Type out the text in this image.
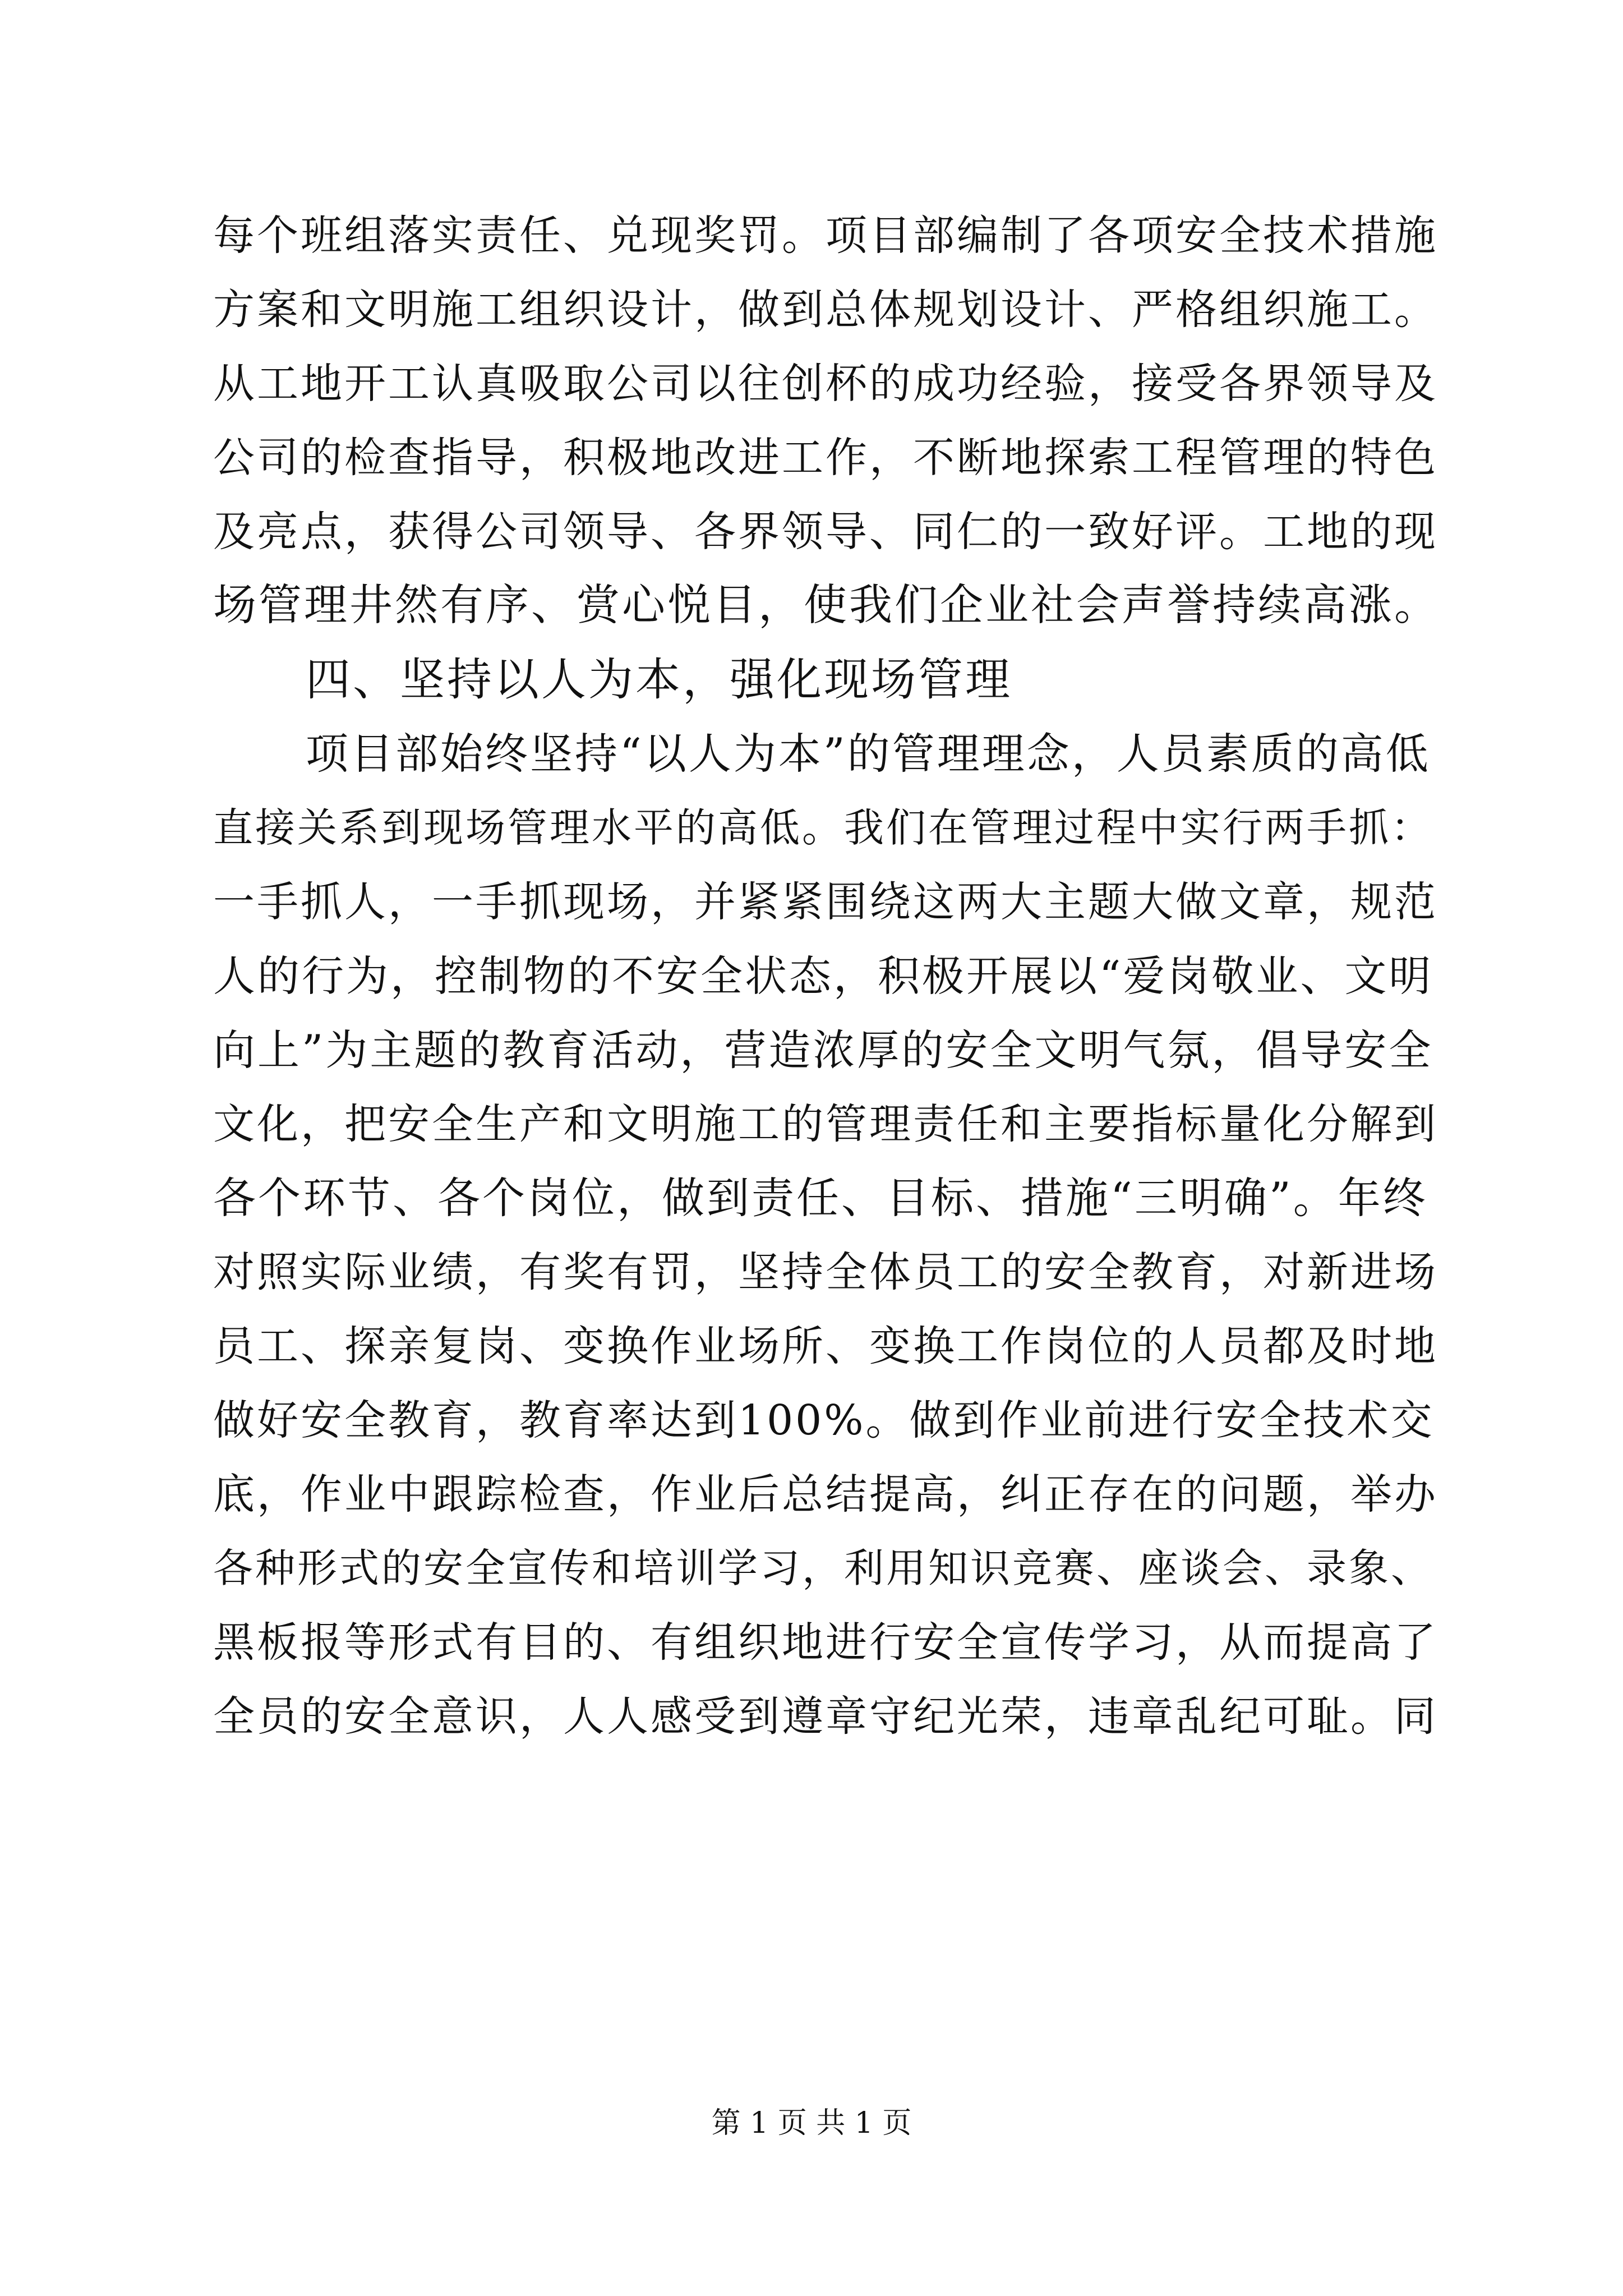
每个班组落实责任、兑现奖罚。项目部编制了各项安全技术措施
方案和文明施工组织设计，做到总体规划设计、严格组织施工。
从工地开工认真吸取公司以往创杯的成功经验，接受各界领导及
公司的检查指导，积极地改进工作，不断地探索工程管理的特色
及亮点，获得公司领导、各界领导、同仁的一致好评。工地的现
场管理井然有序、赏心悦目，使我们企业社会声誉持续高涨。
四、坚持以人为本，强化现场管理
项目部始终坚持“以人为本”的管理理念，人员素质的高低
直接关系到现场管理水平的高低。我们在管理过程中实行两手抓：
一手抓人，一手抓现场，并紧紧围绕这两大主题大做文章，规范
人的行为，控制物的不安全状态，积极开展以“爱岗敬业、文明
向上”为主题的教育活动，营造浓厚的安全文明气氛，倡导安全
文化，把安全生产和文明施工的管理责任和主要指标量化分解到
各个环节、各个岗位，做到责任、目标、措施“三明确”。年终
对照实际业绩，有奖有罚，坚持全体员工的安全教育，对新进场
员工、探亲复岗、变换作业场所、变换工作岗位的人员都及时地
做好安全教育，教育率达到100%。做到作业前进行安全技术交
底，作业中跟踪检查，作业后总结提高，纠正存在的问题，举办
各种形式的安全宣传和培训学习，利用知识竞赛、座谈会、录象、
黑板报等形式有目的、有组织地进行安全宣传学习，从而提高了
全员的安全意识，人人感受到遵章守纪光荣，违章乱纪可耻。同
第 1 页 共 1 页
